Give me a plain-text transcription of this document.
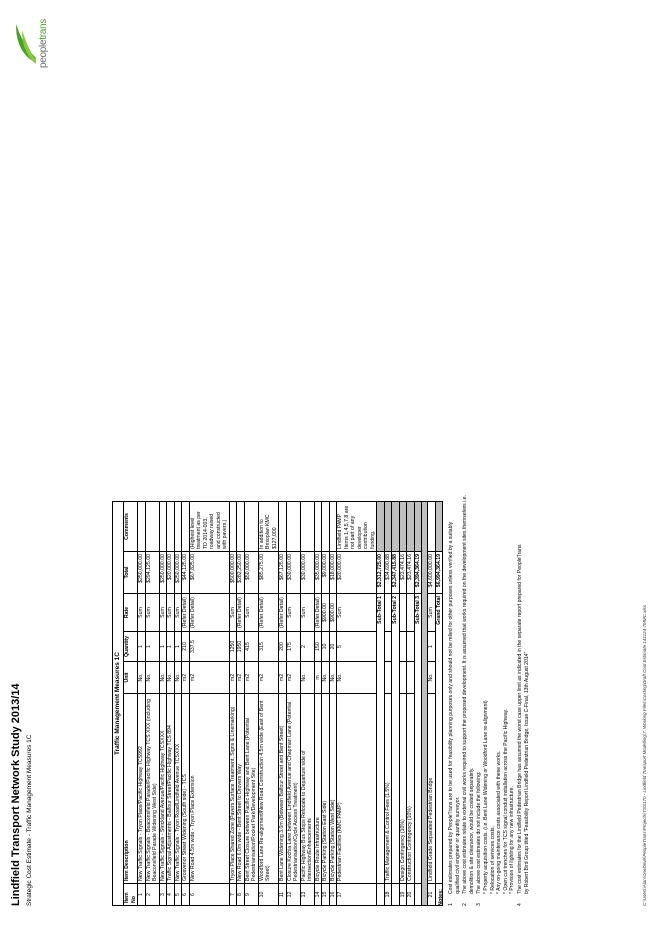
Lindfield Transport Network Study 2013/14 Strategic Cost Estimate - Traffic Management Measures 1C
peopletrans
Traffic Management Measures 1C						
Item No	Item Description	Unit	Quantity	Rate	Total	Comments
1	New Traffic Signals - Tryon Place/Pacific Highway TCS992	No.	1	Sum	$250,000.00	
2	New Traffic Signals - Beaconsfield Parade/Pacific Highway TCS XXX (including Beaconsfield Parade Widening West Side)	No.	1	Sum	$294,125.00	
3	New Traffic Signals - Strickland Avenue/Pacific Highway TCSXXX	No.	1	Sum	$250,000.00	
4	Traffic Signal Adjustments - Balfour Street/Pacific Highway TCS 894	No.	1	Sum	$20,000.00	
5	New Traffic Signals - Tryon Road/Lindfield Avenue TCSXXX	No.	1	Sum	$250,000.00	
6	Grosvenor Street Widening (South side) - TCS	m2	210	(Refer Detail)	$44,125.00	
6	New Road 4.5m wide - Tryon Place Extension	m2	337.5	(Refer Detail)	$67,825.00	(Highest level treatment as per TD 2014-003, roadway raised and constructed with pavers.)
7	Tryon Place Shared Zone (Pavers Surface Treatment, Signs & Linemarking)	m2	1250	Sum	$500,000.00	
8	New Road 6.0m wide - Bent Street to Drovers Way	m2	1950	(Refer Detail)	$282,250.00	
9	Bent Street Closure between Pacific Highway and Bent Lane (Potential Pedestrianisation/Pocket Park/Development Site)	m2	415	Sum	$50,000.00	
10	Woodford Lane Re-alignment/New Road Construction 4.5m wide (East of Bent Street)	m2	315	(Refer Detail)	$85,275.00	In addition to Brisoplan KMC $127,000
11	Bent Lane Widening 3.0m (Between Balfour Street and Bent Street)	m2	200	(Refer Detail)	$67,125.00	
12	Closure Kochia Lane between Lindfield Avenue and Chapman Lane (Potential Pedestrianisation/Cycle Access Treatment)	m2	175	Sum	$30,000.00	
13	Pacific Highway Bus Stops Relocate to Departure side of Intersection/Enhancements	No.	2	Sum	$30,000.00	
14	Bicycle Route Infrastructure	m	150	(Refer Detail)	$35,000.00	
15	Bicycle Parking (Station East Side)	No.	10	$900.00	$9,000.00	
16	Bicycle Parking (Station West Side)	No.	20	$900.00	$18,000.00	
17	Pedestrian Facilities (KMC PAMP)	No.	5	Sum	$20,000.00	Lindfield PAMP Items 1,4,5,7,8 are not part of any developer contribution funding.
	Sub-Total 1				$2,312,725.00	
18	Traffic Management & Control Fees (1.5%)				$34,690.88	
	Sub-Total 2				$2,347,415.88	
19	Design Contingency (10%)				$23,474.16	
20	Construction Contingency (10%)				$23,474.16	
	Sub-Total 3				$2,394,364.19	

21	Lindfield Grade Separated Pedestrian Bridge	No.	1	Sum	$4,600,000.00	
	Grand Total				$6,994,364.19	
Notes: 1
Cost estimates prepared by PeopleTrans are to be used for feasibility planning purposes only and should not be relied for other purposes unless verified by a suitably qualified civil engineer or quantity surveyor.
2
The above cost estimates relate to external civil works required to support the proposed development. It is assumed that works required on the development sites themselves i.e. demolition & site clearance, would be costed separately.
3
The above cost estimates do not include the following: * Property acquisition costs. (i.e. Bent Lane Widening or Woodford Lane re-alignment) * Relocation of services costs. * Any on-going maintenance costs associated with these works. * Open cut trenches for TCS signal conduit installation across the Pacific Highway. * Provision of lighting for any new infrastructure.
4
The cost estimates for the Lindfield Pedestrian Bridge has assumed the worst case upper limit as indicated in the separate report prepared for PeopleTrans by Robert Bird Group titled "Feasibility Report Lindfield Pedestrian Bridge, Issue C-Final, 13th August 2014"	C:\Users\Alan\OneDrive\PeopleTrans\Projects\TSS170 - Lindfield Transport Modelling\7. Working Files\Costing\Draft Cost Estimate 141124-7MMC.xlsx
